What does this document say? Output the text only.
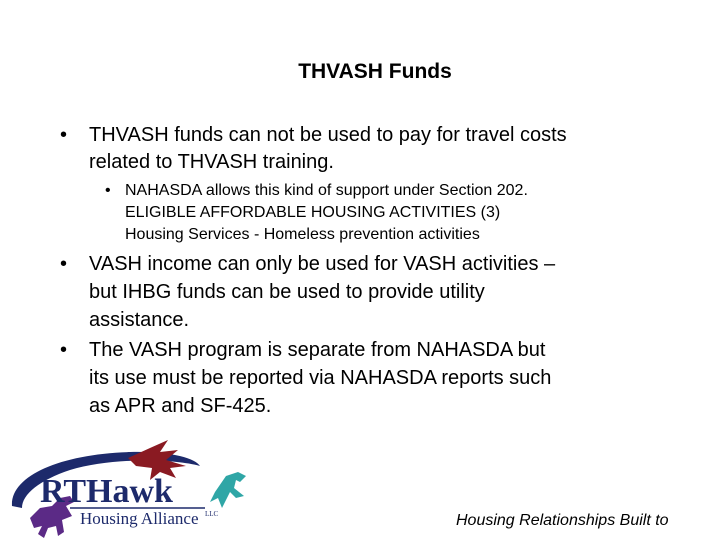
THVASH Funds
• THVASH funds can not be used to pay for travel costs
related to THVASH training.
• NAHASDA allows this kind of support under Section 202.
ELIGIBLE AFFORDABLE HOUSING ACTIVITIES (3)
Housing Services - Homeless prevention activities
• VASH income can only be used for VASH activities –
but IHBG funds can be used to provide utility
assistance.
• The VASH program is separate from NAHASDA but
its use must be reported via NAHASDA reports such
as APR and SF-425.
RTHawk
Housing Alliance LLC	Housing Relationships Built to
